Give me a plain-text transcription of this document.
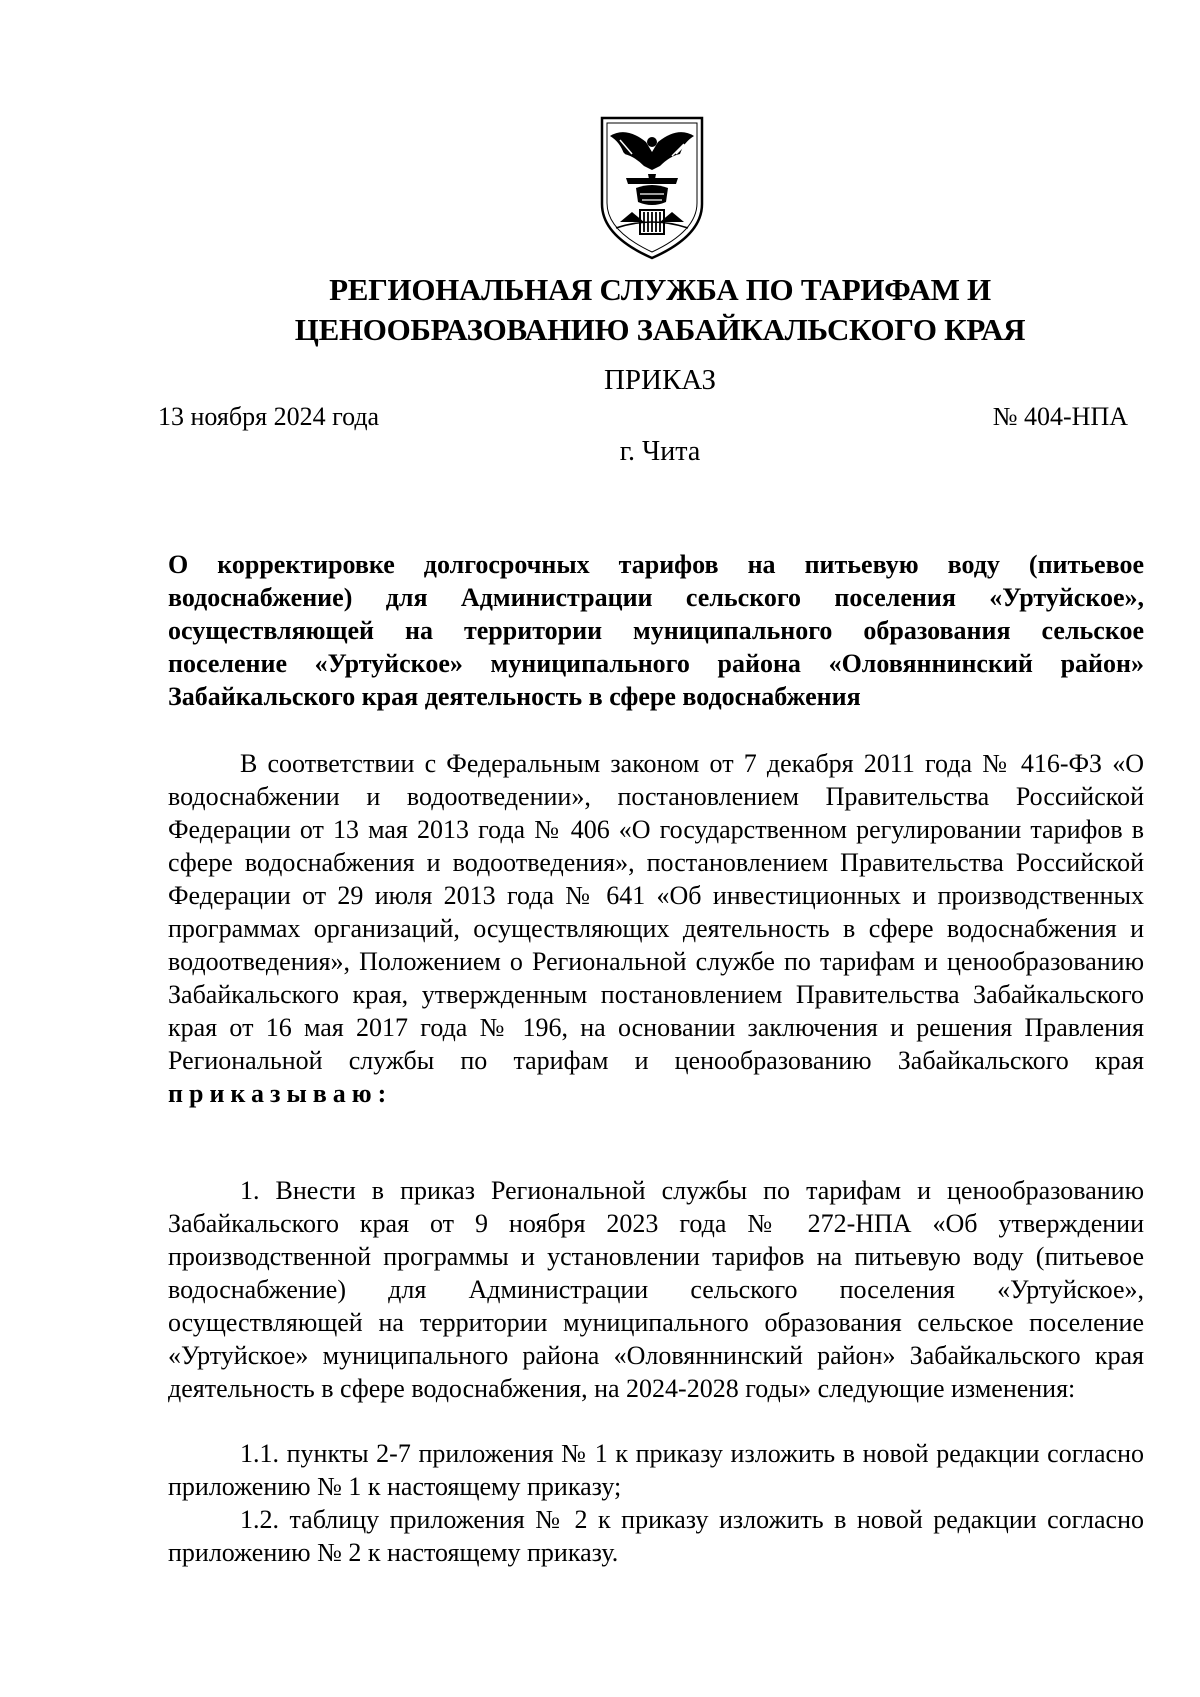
РЕГИОНАЛЬНАЯ СЛУЖБА ПО ТАРИФАМ И
ЦЕНООБРАЗОВАНИЮ ЗАБАЙКАЛЬСКОГО КРАЯ
ПРИКАЗ
13 ноября 2024 года	№ 404-НПА
г. Чита
О корректировке долгосрочных тарифов на питьевую воду (питьевое водоснабжение) для Администрации сельского поселения «Уртуйское», осуществляющей на территории муниципального образования сельское поселение «Уртуйское» муниципального района «Оловяннинский район» Забайкальского края деятельность в сфере водоснабжения
В соответствии с Федеральным законом от 7 декабря 2011 года № 416-ФЗ «О водоснабжении и водоотведении», постановлением Правительства Российской Федерации от 13 мая 2013 года № 406 «О государственном регулировании тарифов в сфере водоснабжения и водоотведения», постановлением Правительства Российской Федерации от 29 июля 2013 года № 641 «Об инвестиционных и производственных программах организаций, осуществляющих деятельность в сфере водоснабжения и водоотведения», Положением о Региональной службе по тарифам и ценообразованию Забайкальского края, утвержденным постановлением Правительства Забайкальского края от 16 мая 2017 года № 196, на основании заключения и решения Правления Региональной службы по тарифам и ценообразованию Забайкальского края приказываю:
1. Внести в приказ Региональной службы по тарифам и ценообразованию Забайкальского края от 9 ноября 2023 года № 272-НПА «Об утверждении производственной программы и установлении тарифов на питьевую воду (питьевое водоснабжение) для Администрации сельского поселения «Уртуйское», осуществляющей на территории муниципального образования сельское поселение «Уртуйское» муниципального района «Оловяннинский район» Забайкальского края деятельность в сфере водоснабжения, на 2024-2028 годы» следующие изменения:
1.1. пункты 2-7 приложения № 1 к приказу изложить в новой редакции согласно приложению № 1 к настоящему приказу;
1.2. таблицу приложения № 2 к приказу изложить в новой редакции согласно приложению № 2 к настоящему приказу.
